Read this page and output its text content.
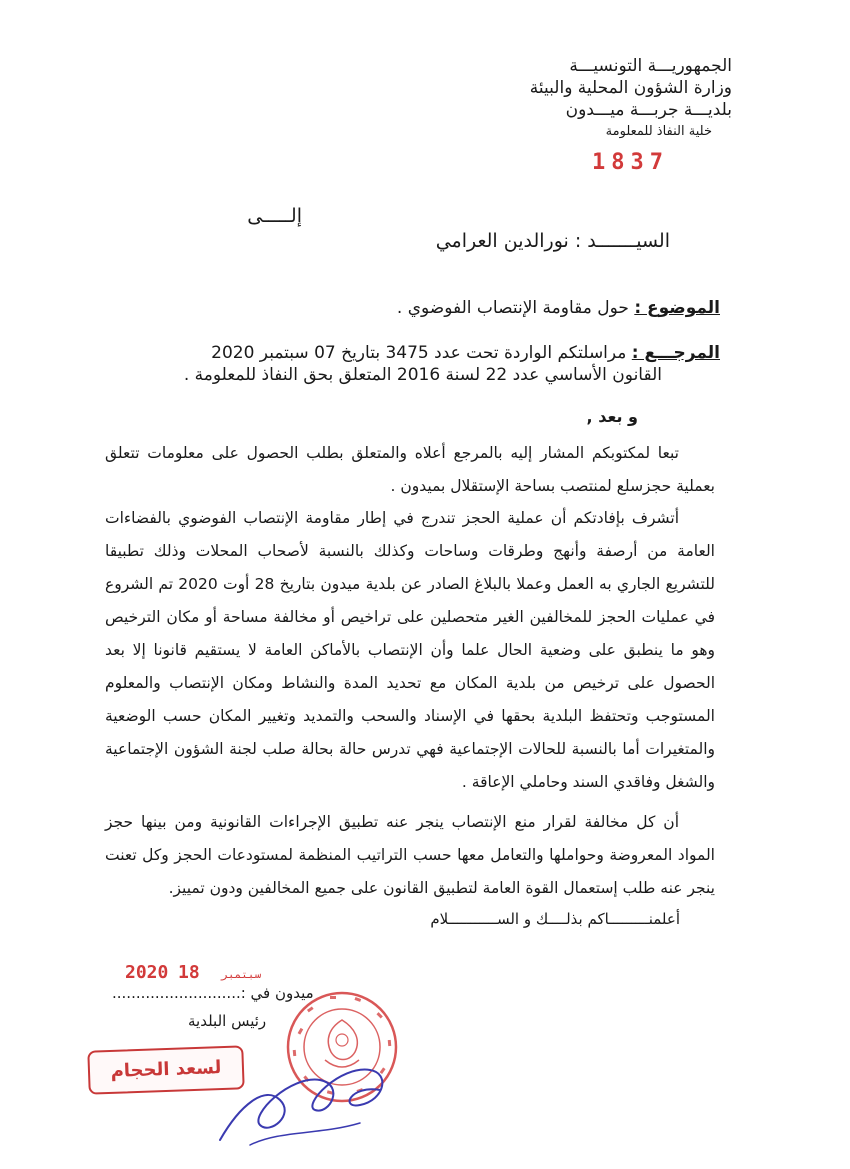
الجمهوريـــة التونسيـــة
وزارة الشؤون المحلية والبيئة
بلديـــة جربـــة ميـــدون
خلية النفاذ للمعلومة
1837
إلـــــى
السيـــــــد : نورالدين العرامي
الموضوع : حول مقاومة الإنتصاب الفوضوي .
المرجـــع : مراسلتكم الواردة تحت عدد 3475 بتاريخ 07 سبتمبر 2020
القانون الأساسي عدد 22 لسنة 2016 المتعلق بحق النفاذ للمعلومة .
و بعد ,

تبعا لمكتوبكم المشار إليه بالمرجع أعلاه والمتعلق بطلب الحصول على معلومات تتعلق بعملية حجزسلع لمنتصب بساحة الإستقلال بميدون .

أتشرف بإفادتكم أن عملية الحجز تندرج في إطار مقاومة الإنتصاب الفوضوي بالفضاءات العامة من أرصفة وأنهج وطرقات وساحات وكذلك بالنسبة لأصحاب المحلات وذلك تطبيقا للتشريع الجاري به العمل وعملا بالبلاغ الصادر عن بلدية ميدون بتاريخ 28 أوت 2020 تم الشروع في عمليات الحجز للمخالفين الغير متحصلين على تراخيص أو مخالفة مساحة أو مكان الترخيص وهو ما ينطبق على وضعية الحال علما وأن الإنتصاب بالأماكن العامة لا يستقيم قانونا إلا بعد الحصول على ترخيص من بلدية المكان مع تحديد المدة والنشاط ومكان الإنتصاب والمعلوم المستوجب وتحتفظ البلدية بحقها في الإسناد والسحب والتمديد وتغيير المكان حسب الوضعية والمتغيرات أما بالنسبة للحالات الإجتماعية فهي تدرس حالة بحالة صلب لجنة الشؤون الإجتماعية والشغل وفاقدي السند وحاملي الإعاقة .

أن كل مخالفة لقرار منع الإنتصاب ينجر عنه تطبيق الإجراءات القانونية ومن بينها حجز المواد المعروضة وحواملها والتعامل معها حسب التراتيب المنظمة لمستودعات الحجز وكل تعنت ينجر عنه طلب إستعمال القوة العامة لتطبيق القانون على جميع المخالفين ودون تمييز.

أعلمنـــــــــاكم بذلــــك و الســـــــــــلام
2020	سبتمبر 18
ميدون في :...........................
رئيس البلدية
لسعد الحجام
